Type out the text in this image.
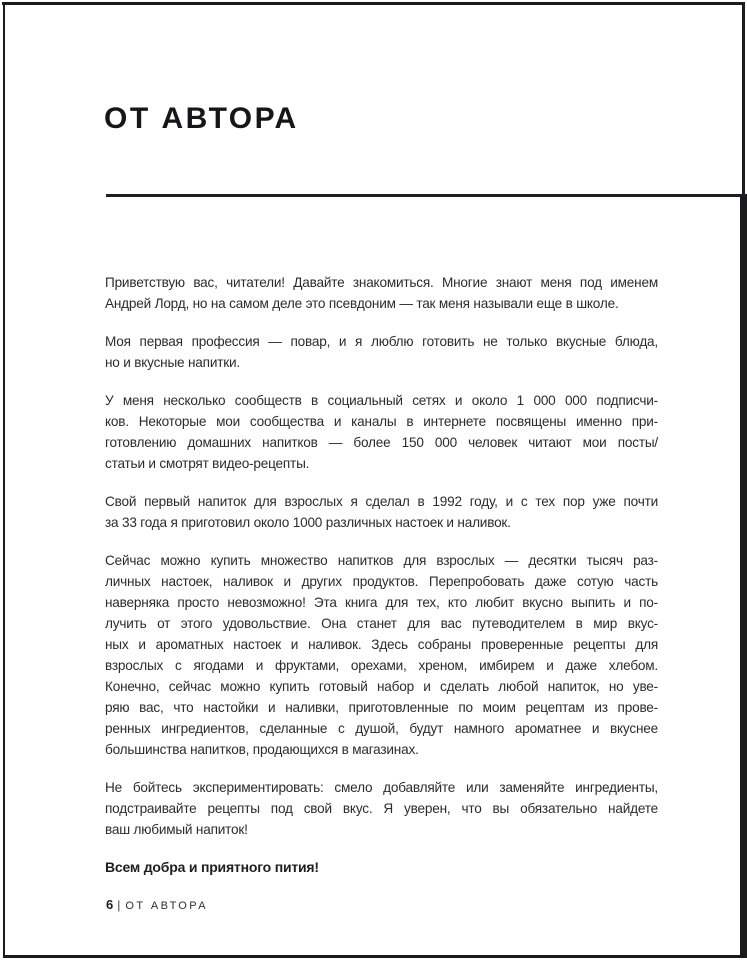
ОТ АВТОРА

Приветствую вас, читатели! Давайте знакомиться. Многие знают меня под именем
Андрей Лорд, но на самом деле это псевдоним — так меня называли еще в школе.

Моя первая профессия — повар, и я люблю готовить не только вкусные блюда,
но и вкусные напитки.

У меня несколько сообществ в социальный сетях и около 1 000 000 подписчи-
ков. Некоторые мои сообщества и каналы в интернете посвящены именно при-
готовлению домашних напитков — более 150 000 человек читают мои посты/
статьи и смотрят видео-рецепты.

Свой первый напиток для взрослых я сделал в 1992 году, и с тех пор уже почти
за 33 года я приготовил около 1000 различных настоек и наливок.

Сейчас можно купить множество напитков для взрослых — десятки тысяч раз-
личных настоек, наливок и других продуктов. Перепробовать даже сотую часть
наверняка просто невозможно! Эта книга для тех, кто любит вкусно выпить и по-
лучить от этого удовольствие. Она станет для вас путеводителем в мир вкус-
ных и ароматных настоек и наливок. Здесь собраны проверенные рецепты для
взрослых с ягодами и фруктами, орехами, хреном, имбирем и даже хлебом.
Конечно, сейчас можно купить готовый набор и сделать любой напиток, но уве-
ряю вас, что настойки и наливки, приготовленные по моим рецептам из прове-
ренных ингредиентов, сделанные с душой, будут намного ароматнее и вкуснее
большинства напитков, продающихся в магазинах.

Не бойтесь экспериментировать: смело добавляйте или заменяйте ингредиенты,
подстраивайте рецепты под свой вкус. Я уверен, что вы обязательно найдете
ваш любимый напиток!

Всем добра и приятного пития!

6 | ОТ АВТОРА
